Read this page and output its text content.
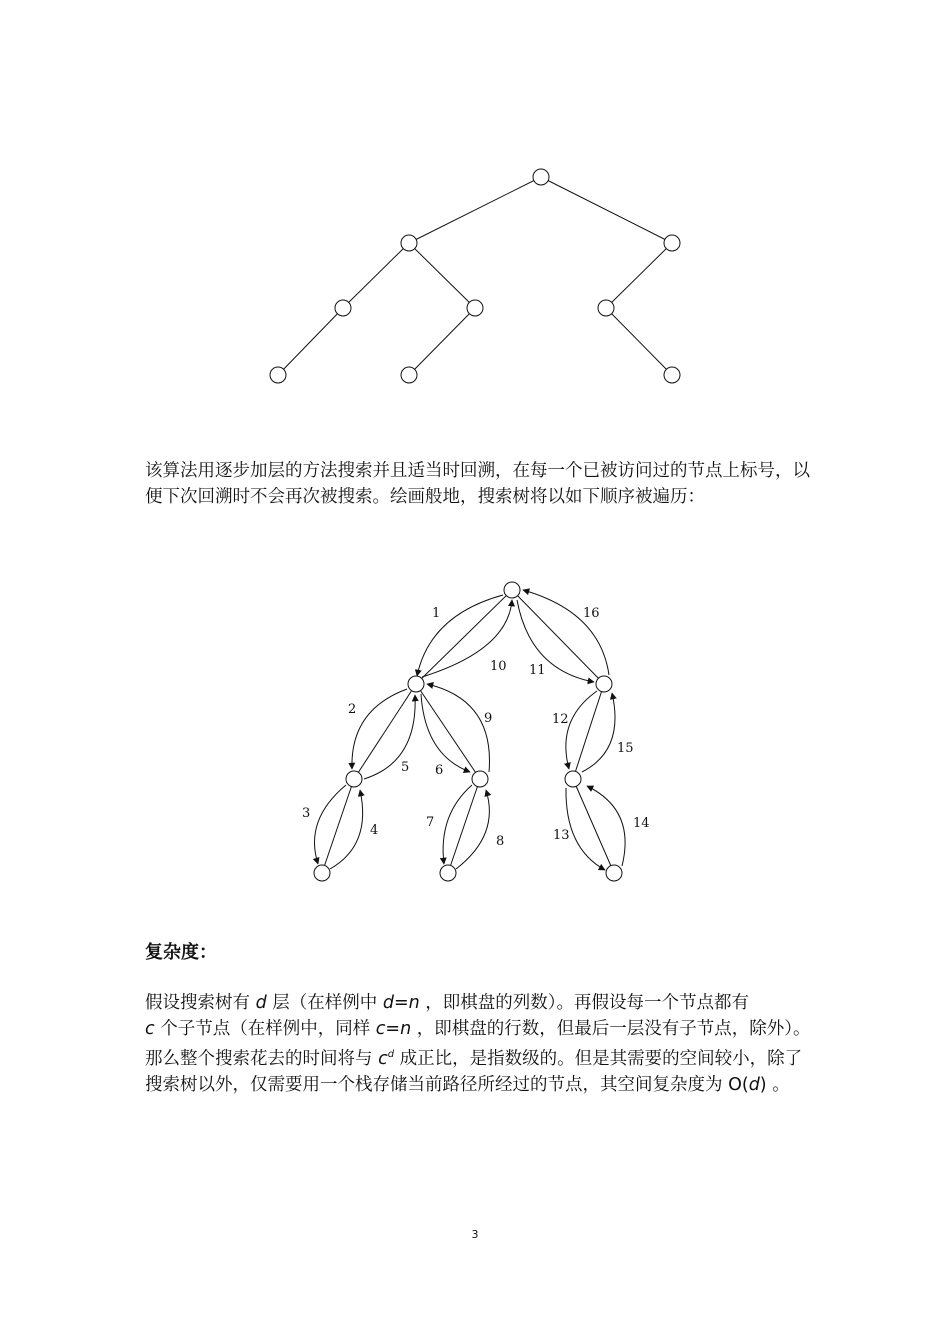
1
2
3
4
5 6
7
8
9
10 11
12
13
14
15
16

该算法用逐步加层的方法搜索并且适当时回溯，在每一个已被访问过的节点上标号，以便下次回溯时不会再次被搜索。绘画般地，搜索树将以如下顺序被遍历：

复杂度：

假设搜索树有 d 层（在样例中 d=n ，即棋盘的列数）。再假设每一个节点都有
c 个子节点（在样例中，同样 c=n ，即棋盘的行数，但最后一层没有子节点，除外）。那么整个搜索花去的时间将与 $c^d$ 成正比，是指数级的。但是其需要的空间较小，除了搜索树以外，仅需要用一个栈存储当前路径所经过的节点，其空间复杂度为 O(d) 。

3
